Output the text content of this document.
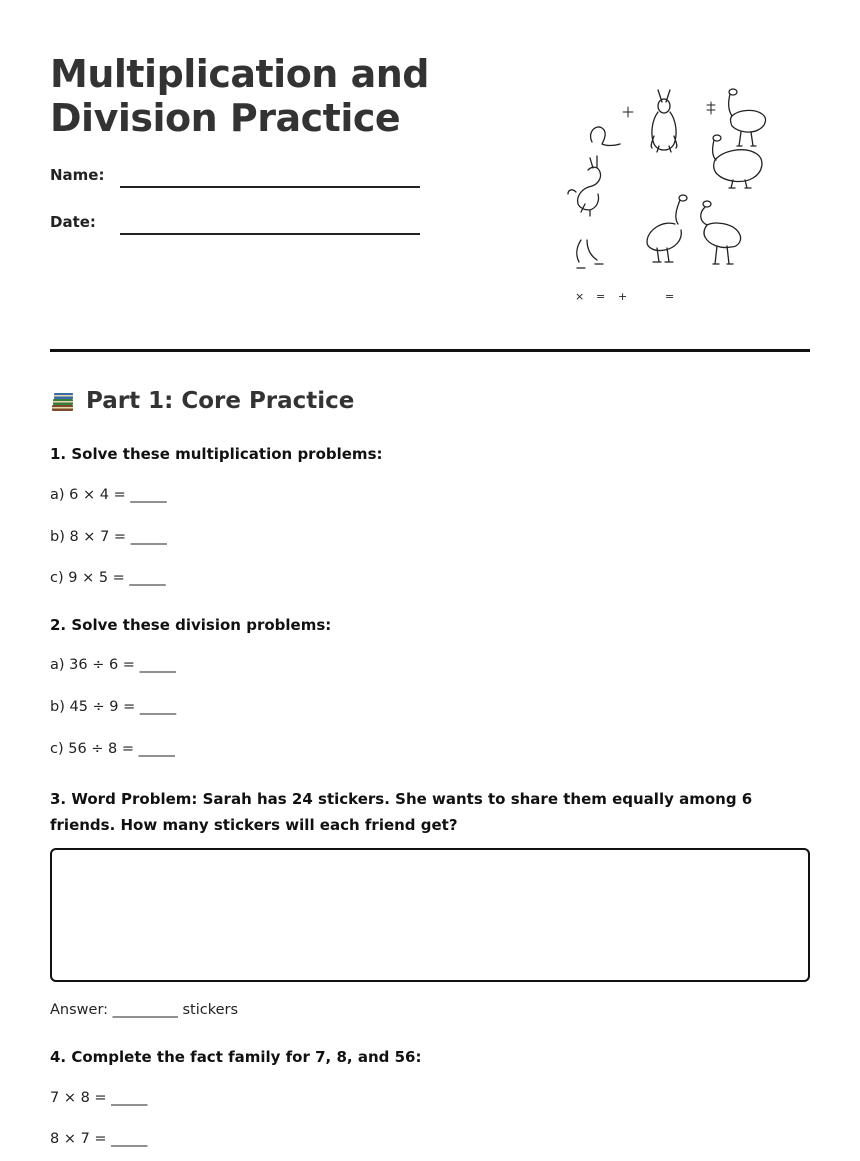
Multiplication and
Division Practice
Name:
Date:
× = +	=
Part 1: Core Practice
1. Solve these multiplication problems:
a) 6 × 4 = _____
b) 8 × 7 = _____
c) 9 × 5 = _____
2. Solve these division problems:
a) 36 ÷ 6 = _____
b) 45 ÷ 9 = _____
c) 56 ÷ 8 = _____
3. Word Problem: Sarah has 24 stickers. She wants to share them equally among 6 friends. How many stickers will each friend get?
Answer: _________ stickers
4. Complete the fact family for 7, 8, and 56:
7 × 8 = _____
8 × 7 = _____
